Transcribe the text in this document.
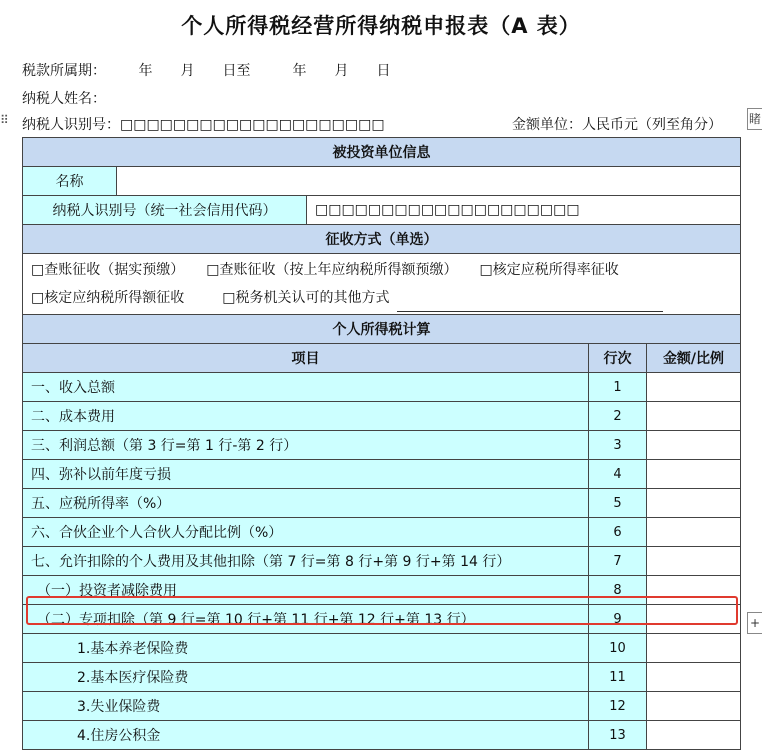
个人所得税经营所得纳税申报表（A 表）
税款所属期： 年　　月　　日至　　　年　　月　　日
纳税人姓名：
纳税人识别号：□□□□□□□□□□□□□□□□□□□□	金额单位：人民币元（列至角分）
⠿	睹
+
被投资单位信息				
名称				
纳税人识别号（统一社会信用代码）		□□□□□□□□□□□□□□□□□□□□		
征收方式（单选）				
□查账征收（据实预缴） □查账征收（按上年应纳税所得额预缴） □核定应税所得率征收
□核定应纳税所得额征收 □税务机关认可的其他方式				
个人所得税计算				
项目			行次	金额/比例
一、收入总额			1	
二、成本费用			2	
三、利润总额（第 3 行=第 1 行-第 2 行）			3	
四、弥补以前年度亏损			4	
五、应税所得率（%）			5	
六、合伙企业个人合伙人分配比例（%）			6	
七、允许扣除的个人费用及其他扣除（第 7 行=第 8 行+第 9 行+第 14 行）			7	
（一）投资者减除费用			8	
（二）专项扣除（第 9 行=第 10 行+第 11 行+第 12 行+第 13 行）			9	
1.基本养老保险费			10	
2.基本医疗保险费			11	
3.失业保险费			12	
4.住房公积金			13	
